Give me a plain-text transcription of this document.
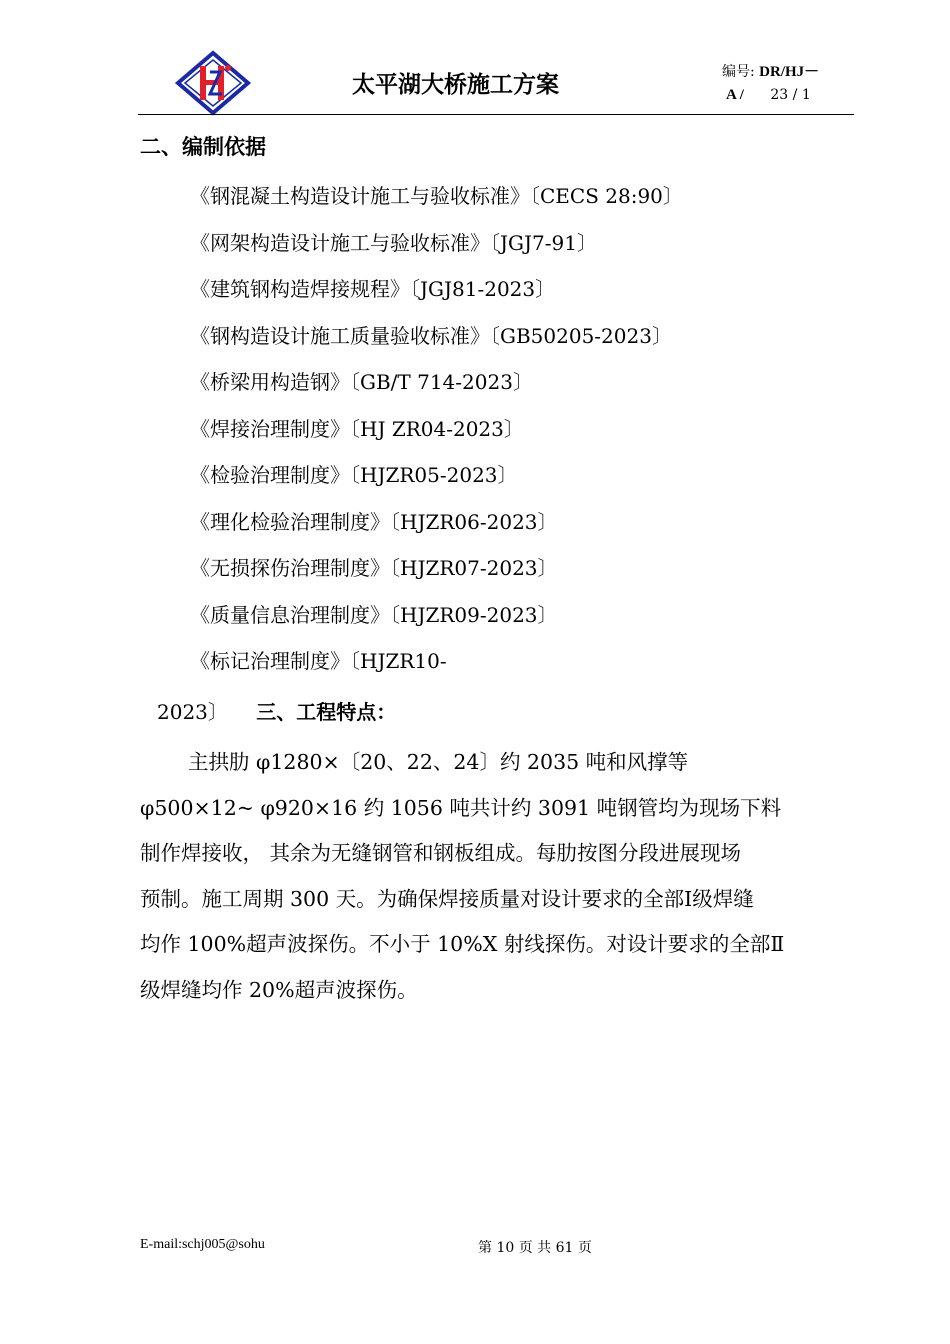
太平湖大桥施工方案	编号: DR/HJ－
A / 23 / 1
二、编制依据
《钢混凝土构造设计施工与验收标准》〔CECS 28:90〕
《网架构造设计施工与验收标准》〔JGJ7-91〕
《建筑钢构造焊接规程》〔JGJ81-2023〕
《钢构造设计施工质量验收标准》〔GB50205-2023〕
《桥梁用构造钢》〔GB/T 714-2023〕
《焊接治理制度》〔HJ ZR04-2023〕
《检验治理制度》〔HJZR05-2023〕
《理化检验治理制度》〔HJZR06-2023〕
《无损探伤治理制度》〔HJZR07-2023〕
《质量信息治理制度》〔HJZR09-2023〕
《标记治理制度》〔HJZR10-
2023〕 三、工程特点：
主拱肋 φ1280×〔20、22、24〕约 2035 吨和风撑等
φ500×12~ φ920×16 约 1056 吨共计约 3091 吨钢管均为现场下料
制作焊接收， 其余为无缝钢管和钢板组成。每肋按图分段进展现场
预制。施工周期 300 天。为确保焊接质量对设计要求的全部Ⅰ级焊缝
均作 100%超声波探伤。不小于 10%X 射线探伤。对设计要求的全部Ⅱ
级焊缝均作 20%超声波探伤。
E-mail:schj005@sohu	第 10 页 共 61 页
